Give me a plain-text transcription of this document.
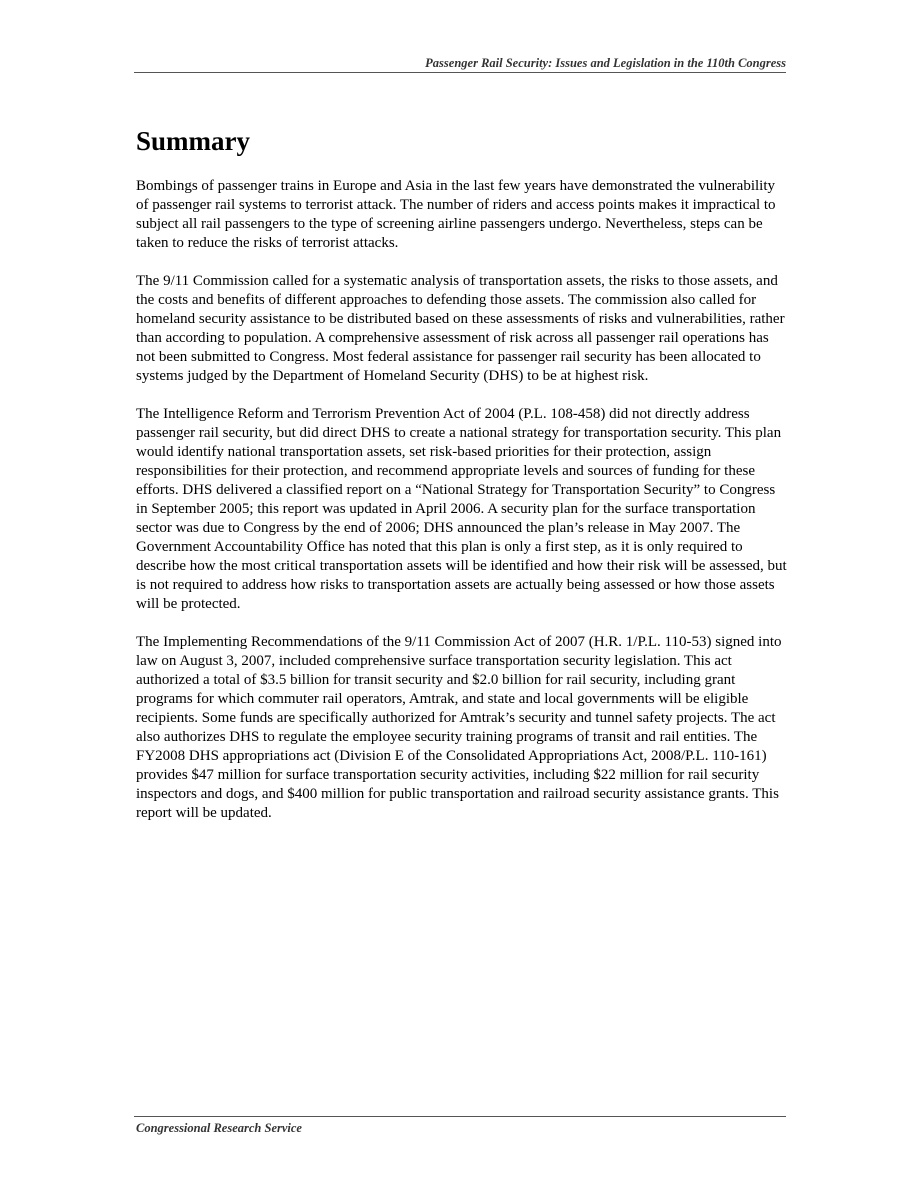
Passenger Rail Security: Issues and Legislation in the 110th Congress
Summary

Bombings of passenger trains in Europe and Asia in the last few years have demonstrated the vulnerability of passenger rail systems to terrorist attack. The number of riders and access points makes it impractical to subject all rail passengers to the type of screening airline passengers undergo. Nevertheless, steps can be taken to reduce the risks of terrorist attacks.

The 9/11 Commission called for a systematic analysis of transportation assets, the risks to those assets, and the costs and benefits of different approaches to defending those assets. The commission also called for homeland security assistance to be distributed based on these assessments of risks and vulnerabilities, rather than according to population. A comprehensive assessment of risk across all passenger rail operations has not been submitted to Congress. Most federal assistance for passenger rail security has been allocated to systems judged by the Department of Homeland Security (DHS) to be at highest risk.

The Intelligence Reform and Terrorism Prevention Act of 2004 (P.L. 108-458) did not directly address passenger rail security, but did direct DHS to create a national strategy for transportation security. This plan would identify national transportation assets, set risk-based priorities for their protection, assign responsibilities for their protection, and recommend appropriate levels and sources of funding for these efforts. DHS delivered a classified report on a “National Strategy for Transportation Security” to Congress in September 2005; this report was updated in April 2006. A security plan for the surface transportation sector was due to Congress by the end of 2006; DHS announced the plan’s release in May 2007. The Government Accountability Office has noted that this plan is only a first step, as it is only required to describe how the most critical transportation assets will be identified and how their risk will be assessed, but is not required to address how risks to transportation assets are actually being assessed or how those assets will be protected.

The Implementing Recommendations of the 9/11 Commission Act of 2007 (H.R. 1/P.L. 110-53) signed into law on August 3, 2007, included comprehensive surface transportation security legislation. This act authorized a total of $3.5 billion for transit security and $2.0 billion for rail security, including grant programs for which commuter rail operators, Amtrak, and state and local governments will be eligible recipients. Some funds are specifically authorized for Amtrak’s security and tunnel safety projects. The act also authorizes DHS to regulate the employee security training programs of transit and rail entities. The FY2008 DHS appropriations act (Division E of the Consolidated Appropriations Act, 2008/P.L. 110-161) provides $47 million for surface transportation security activities, including $22 million for rail security inspectors and dogs, and $400 million for public transportation and railroad security assistance grants. This report will be updated.

Congressional Research Service
